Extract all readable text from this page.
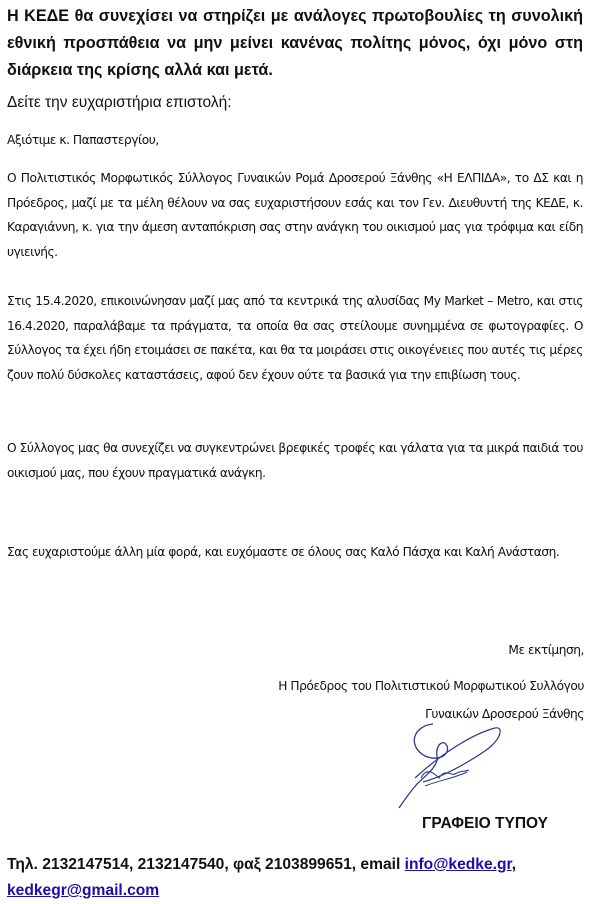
Η ΚΕΔΕ θα συνεχίσει να στηρίζει με ανάλογες πρωτοβουλίες τη συνολική εθνική προσπάθεια να μην μείνει κανένας πολίτης μόνος, όχι μόνο στη διάρκεια της κρίσης αλλά και μετά.

Δείτε την ευχαριστήρια επιστολή:

Αξιότιμε κ. Παπαστεργίου,

Ο Πολιτιστικός Μορφωτικός Σύλλογος Γυναικών Ρομά Δροσερού Ξάνθης «Η ΕΛΠΙΔΑ», το ΔΣ και η Πρόεδρος, μαζί με τα μέλη θέλουν να σας ευχαριστήσουν εσάς και τον Γεν. Διευθυντή της ΚΕΔΕ, κ. Καραγιάννη, κ. για την άμεση ανταπόκριση σας στην ανάγκη του οικισμού μας για τρόφιμα και είδη υγιεινής.

Στις 15.4.2020, επικοινώνησαν μαζί μας από τα κεντρικά της αλυσίδας My Market – Metro, και στις 16.4.2020, παραλάβαμε τα πράγματα, τα οποία θα σας στείλουμε συνημμένα σε φωτογραφίες. Ο Σύλλογος τα έχει ήδη ετοιμάσει σε πακέτα, και θα τα μοιράσει στις οικογένειες που αυτές τις μέρες ζουν πολύ δύσκολες καταστάσεις, αφού δεν έχουν ούτε τα βασικά για την επιβίωση τους.

Ο Σύλλογος μας θα συνεχίζει να συγκεντρώνει βρεφικές τροφές και γάλατα για τα μικρά παιδιά του οικισμού μας, που έχουν πραγματικά ανάγκη.

Σας ευχαριστούμε άλλη μία φορά, και ευχόμαστε σε όλους σας Καλό Πάσχα και Καλή Ανάσταση.

Με εκτίμηση,

Η Πρόεδρος του Πολιτιστικού Μορφωτικού Συλλόγου

Γυναικών Δροσερού Ξάνθης

ΓΡΑΦΕΙΟ ΤΥΠΟΥ

Τηλ. 2132147514, 2132147540, φαξ 2103899651, email info@kedke.gr,
kedkegr@gmail.com
